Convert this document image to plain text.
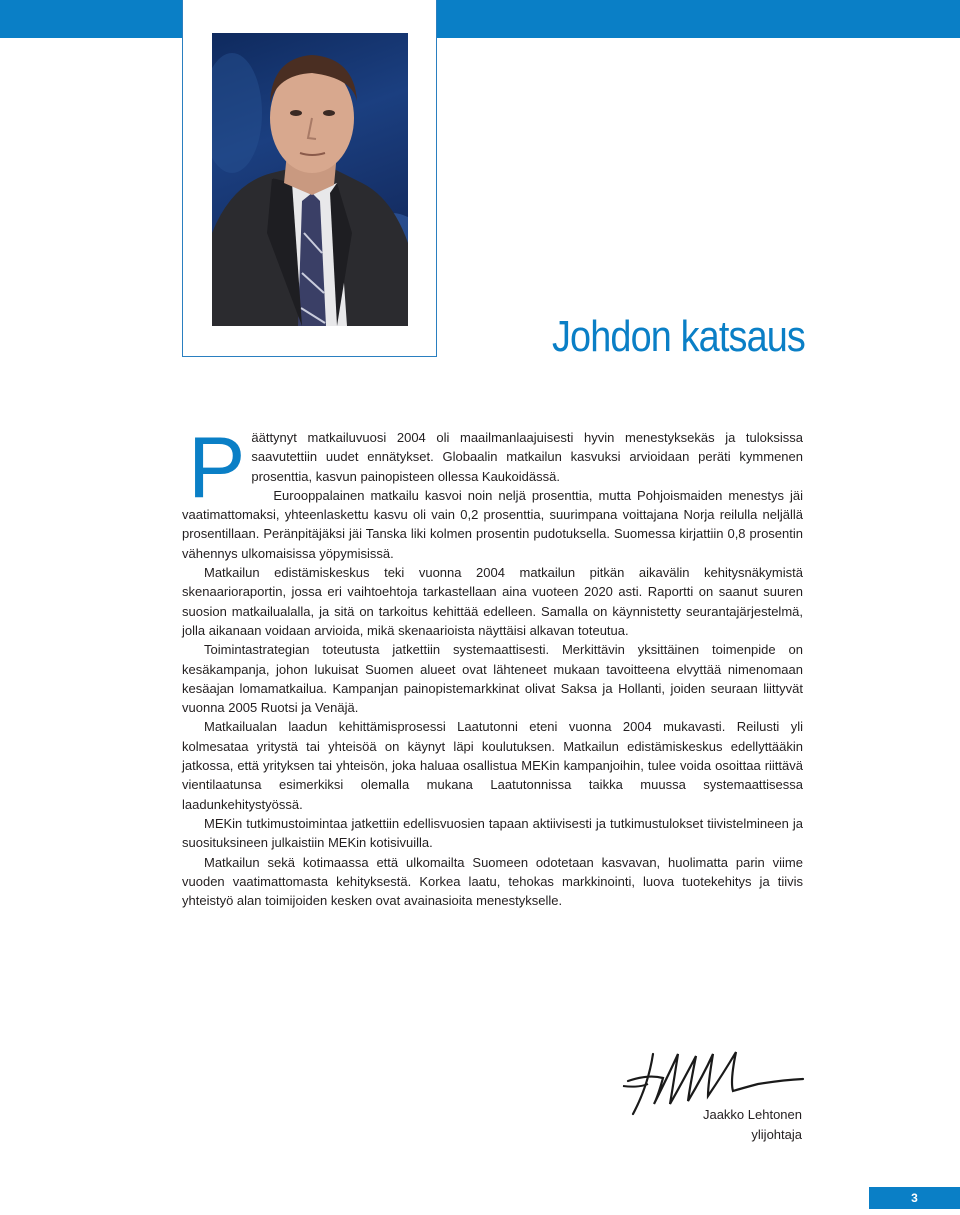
Johdon katsaus

Päättynyt matkailuvuosi 2004 oli maailmanlaajuisesti hyvin menestyksekäs ja tuloksissa saavutettiin uudet ennätykset. Globaalin matkailun kasvuksi arvioidaan peräti kymmenen prosenttia, kasvun painopisteen ollessa Kaukoidässä.

Eurooppalainen matkailu kasvoi noin neljä prosenttia, mutta Pohjoismaiden menestys jäi vaatimattomaksi, yhteenlaskettu kasvu oli vain 0,2 prosenttia, suurimpana voittajana Norja reilulla neljällä prosentillaan. Peränpitäjäksi jäi Tanska liki kolmen prosentin pudotuksella. Suomessa kirjattiin 0,8 prosentin vähennys ulkomaisissa yöpymisissä.

Matkailun edistämiskeskus teki vuonna 2004 matkailun pitkän aikavälin kehitysnäkymistä skenaarioraportin, jossa eri vaihtoehtoja tarkastellaan aina vuoteen 2020 asti. Raportti on saanut suuren suosion matkailualalla, ja sitä on tarkoitus kehittää edelleen. Samalla on käynnistetty seurantajärjestelmä, jolla aikanaan voidaan arvioida, mikä skenaarioista näyttäisi alkavan toteutua.

Toimintastrategian toteutusta jatkettiin systemaattisesti. Merkittävin yksittäinen toimenpide on kesäkampanja, johon lukuisat Suomen alueet ovat lähteneet mukaan tavoitteena elvyttää nimenomaan kesäajan lomamatkailua. Kampanjan painopistemarkkinat olivat Saksa ja Hollanti, joiden seuraan liittyvät vuonna 2005 Ruotsi ja Venäjä.

Matkailualan laadun kehittämisprosessi Laatutonni eteni vuonna 2004 mukavasti. Reilusti yli kolmesataa yritystä tai yhteisöä on käynyt läpi koulutuksen. Matkailun edistämiskeskus edellyttääkin jatkossa, että yrityksen tai yhteisön, joka haluaa osallistua MEKin kampanjoihin, tulee voida osoittaa riittävä vientilaatunsa esimerkiksi olemalla mukana Laatutonnissa taikka muussa systemaattisessa laadunkehitystyössä.

MEKin tutkimustoimintaa jatkettiin edellisvuosien tapaan aktiivisesti ja tutkimustulokset tiivistelmineen ja suosituksineen julkaistiin MEKin kotisivuilla.

Matkailun sekä kotimaassa että ulkomailta Suomeen odotetaan kasvavan, huolimatta parin viime vuoden vaatimattomasta kehityksestä. Korkea laatu, tehokas markkinointi, luova tuotekehitys ja tiivis yhteistyö alan toimijoiden kesken ovat avainasioita menestykselle.

Jaakko Lehtonen
ylijohtaja
3
